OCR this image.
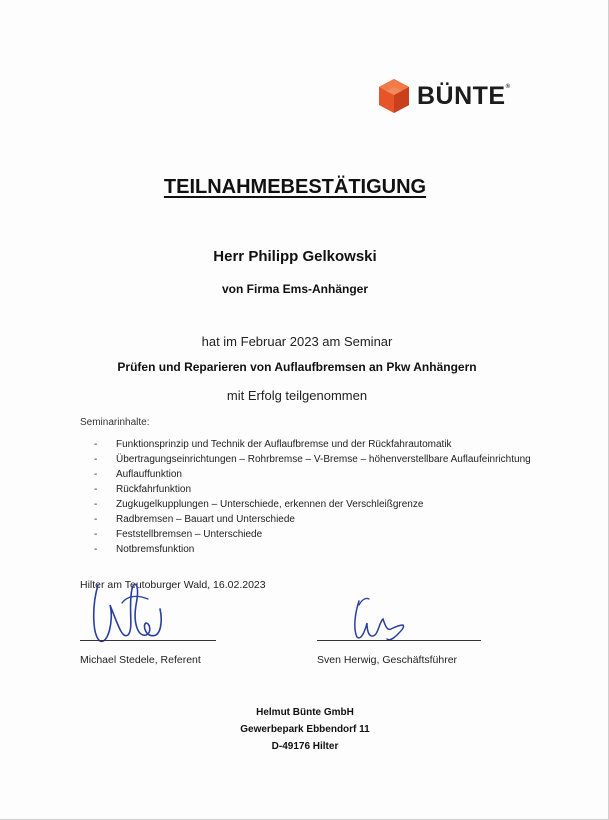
BÜNTE®
TEILNAHMEBESTÄTIGUNG
Herr Philipp Gelkowski
von Firma Ems-Anhänger
hat im Februar 2023 am Seminar
Prüfen und Reparieren von Auflaufbremsen an Pkw Anhängern
mit Erfolg teilgenommen
Seminarinhalte:
- Funktionsprinzip und Technik der Auflaufbremse und der Rückfahrautomatik
- Übertragungseinrichtungen – Rohrbremse – V-Bremse – höhenverstellbare Auflaufeinrichtung
- Auflauffunktion
- Rückfahrfunktion
- Zugkugelkupplungen – Unterschiede, erkennen der Verschleißgrenze
- Radbremsen – Bauart und Unterschiede
- Feststellbremsen – Unterschiede
- Notbremsfunktion
Hilter am Teutoburger Wald, 16.02.2023
Michael Stedele, Referent	Sven Herwig, Geschäftsführer
Helmut Bünte GmbH
Gewerbepark Ebbendorf 11
D-49176 Hilter
